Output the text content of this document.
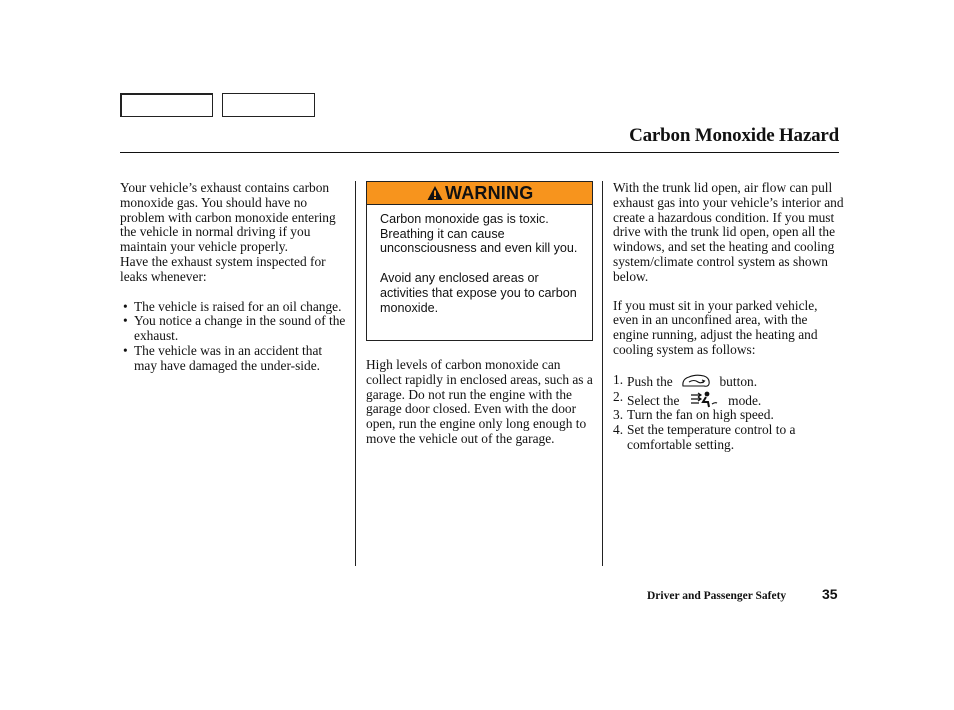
Carbon Monoxide Hazard

Your vehicle’s exhaust contains carbon monoxide gas. You should have no problem with carbon monoxide entering the vehicle in normal driving if you maintain your vehicle properly.

Have the exhaust system inspected for leaks whenever:

• The vehicle is raised for an oil change.
• You notice a change in the sound of the exhaust.
• The vehicle was in an accident that may have damaged the under-side.
WARNING

Carbon monoxide gas is toxic. Breathing it can cause unconsciousness and even kill you.

Avoid any enclosed areas or activities that expose you to carbon monoxide.

High levels of carbon monoxide can collect rapidly in enclosed areas, such as a garage. Do not run the engine with the garage door closed. Even with the door open, run the engine only long enough to move the vehicle out of the garage.

With the trunk lid open, air flow can pull exhaust gas into your vehicle’s interior and create a hazardous condition. If you must drive with the trunk lid open, open all the windows, and set the heating and cooling system/climate control system as shown below.

If you must sit in your parked vehicle, even in an unconfined area, with the engine running, adjust the heating and cooling system as follows:

1. Push the	button.
2. Select the	mode.
3. Turn the fan on high speed.
4. Set the temperature control to a comfortable setting.
Driver and Passenger Safety	35
